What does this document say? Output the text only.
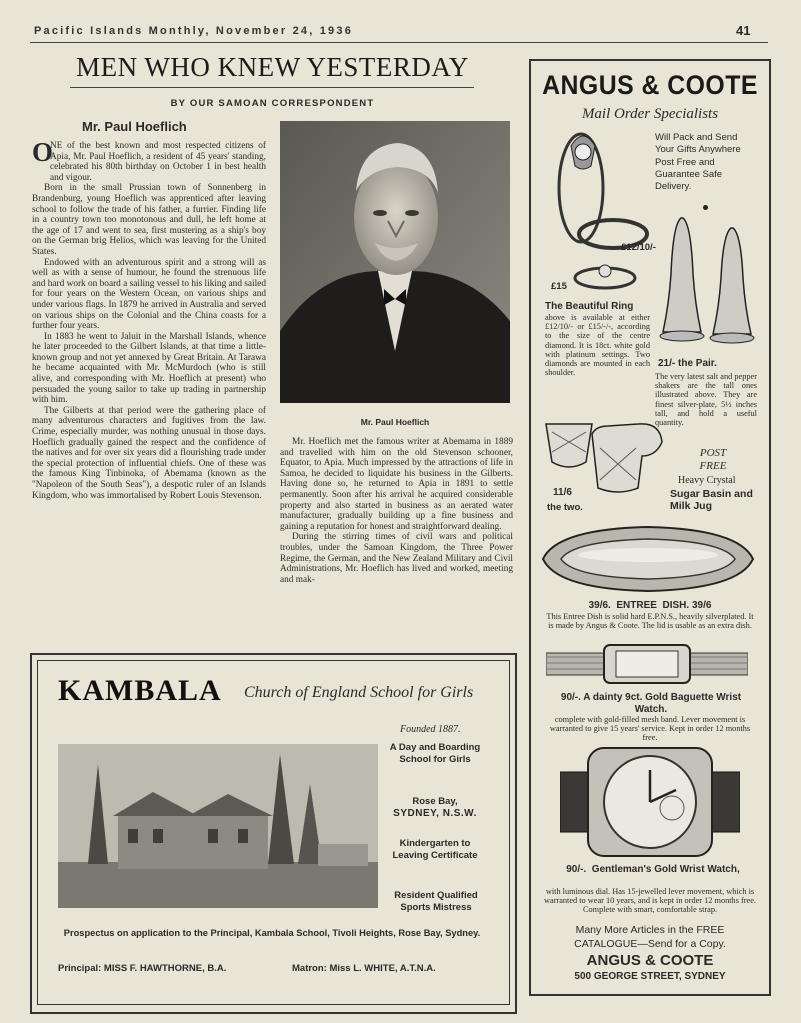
Pacific Islands Monthly, November 24, 1936	41
MEN WHO KNEW YESTERDAY
BY OUR SAMOAN CORRESPONDENT
Mr. Paul Hoeflich
O

NE of the best known and most respected citizens of Apia, Mr. Paul Hoeflich, a resident of 45 years' standing, celebrated his 80th birthday on October 1 in best health and vigour.

Born in the small Prussian town of Sonnenberg in Brandenburg, young Hoeflich was apprenticed after leaving school to follow the trade of his father, a furrier. Finding life in a country town too monotonous and dull, he left home at the age of 17 and went to sea, first mustering as a ship's boy on the German brig Helios, which was leaving for the United States.

Endowed with an adventurous spirit and a strong will as well as with a sense of humour, he found the strenuous life and hard work on board a sailing vessel to his liking and sailed for four years on the Western Ocean, on various ships and under various flags. In 1879 he arrived in Australia and served on various ships on the Colonial and the China coasts for a further four years.

In 1883 he went to Jaluit in the Marshall Islands, whence he later proceeded to the Gilbert Islands, at that time a little-known group and not yet annexed by Great Britain. At Tarawa he became acquainted with Mr. McMurdoch (who is still alive, and corresponding with Mr. Hoeflich at present) who persuaded the young sailor to take up trading in partnership with him.

The Gilberts at that period were the gathering place of many adventurous characters and fugitives from the law. Crime, especially murder, was nothing unusual in those days. Hoeflich gradually gained the respect and the confidence of the natives and for over six years did a flourishing trade under the special protection of influential chiefs. One of these was the famous King Tinbinoka, of Abemama (known as the "Napoleon of the South Seas"), a despotic ruler of an Islands Kingdom, who was immortalised by Robert Louis Stevenson.

Mr. Paul Hoeflich

Mr. Hoeflich met the famous writer at Abemama in 1889 and travelled with him on the old Stevenson schooner, Equator, to Apia. Much impressed by the attractions of life in Samoa, he decided to liquidate his business in the Gilberts. Having done so, he returned to Apia in 1891 to settle permanently. Soon after his arrival he acquired considerable property and also started in business as an aerated water manufacturer, gradually building up a fine business and gaining a reputation for honest and straightforward dealing.

During the stirring times of civil wars and political troubles, under the Samoan Kingdom, the Three Power Regime, the German, and the New Zealand Military and Civil Administrations, Mr. Hoeflich has lived and worked, meeting and mak-

KAMBALA Church of England School for Girls
Founded 1887.
A Day and Boarding School for Girls
Rose Bay,
SYDNEY, N.S.W.
Kindergarten to Leaving Certificate
Resident Qualified Sports Mistress
Prospectus on application to the Principal, Kambala School, Tivoli Heights, Rose Bay, Sydney.
Principal: MISS F. HAWTHORNE, B.A.	Matron: Miss L. WHITE, A.T.N.A.
ANGUS & COOTE
Mail Order Specialists
£12/10/-
£15
Will Pack and Send Your Gifts Anywhere Post Free and Guarantee Safe Delivery.
The Beautiful Ring
above is available at either £12/10/- or £15/-/-, according to the size of the centre diamond. It is 18ct. white gold with platinum settings. Two diamonds are mounted in each shoulder.
21/- the Pair.
The very latest salt and pepper shakers are the tall ones illustrated above. They are finest silver-plate, 5½ inches tall, and hold a useful quantity.
POST FREE
11/6
the two.
Heavy Crystal
Sugar Basin and Milk Jug
39/6.  ENTREE  DISH. 39/6
This Entree Dish is solid hard E.P.N.S., heavily silverplated. It is made by Angus & Coote. The lid is usable as an extra dish.
90/-. A dainty 9ct. Gold Baguette Wrist Watch.
complete with gold-filled mesh band. Lever movement is warranted to give 15 years' service. Kept in order 12 months free.
90/-.  Gentleman's Gold Wrist Watch,
with luminous dial. Has 15-jewelled lever movement, which is warranted to wear 10 years, and is kept in order 12 months free. Complete with smart, comfortable strap.
Many More Articles in the FREE
CATALOGUE—Send for a Copy.
ANGUS & COOTE
500 GEORGE STREET, SYDNEY
